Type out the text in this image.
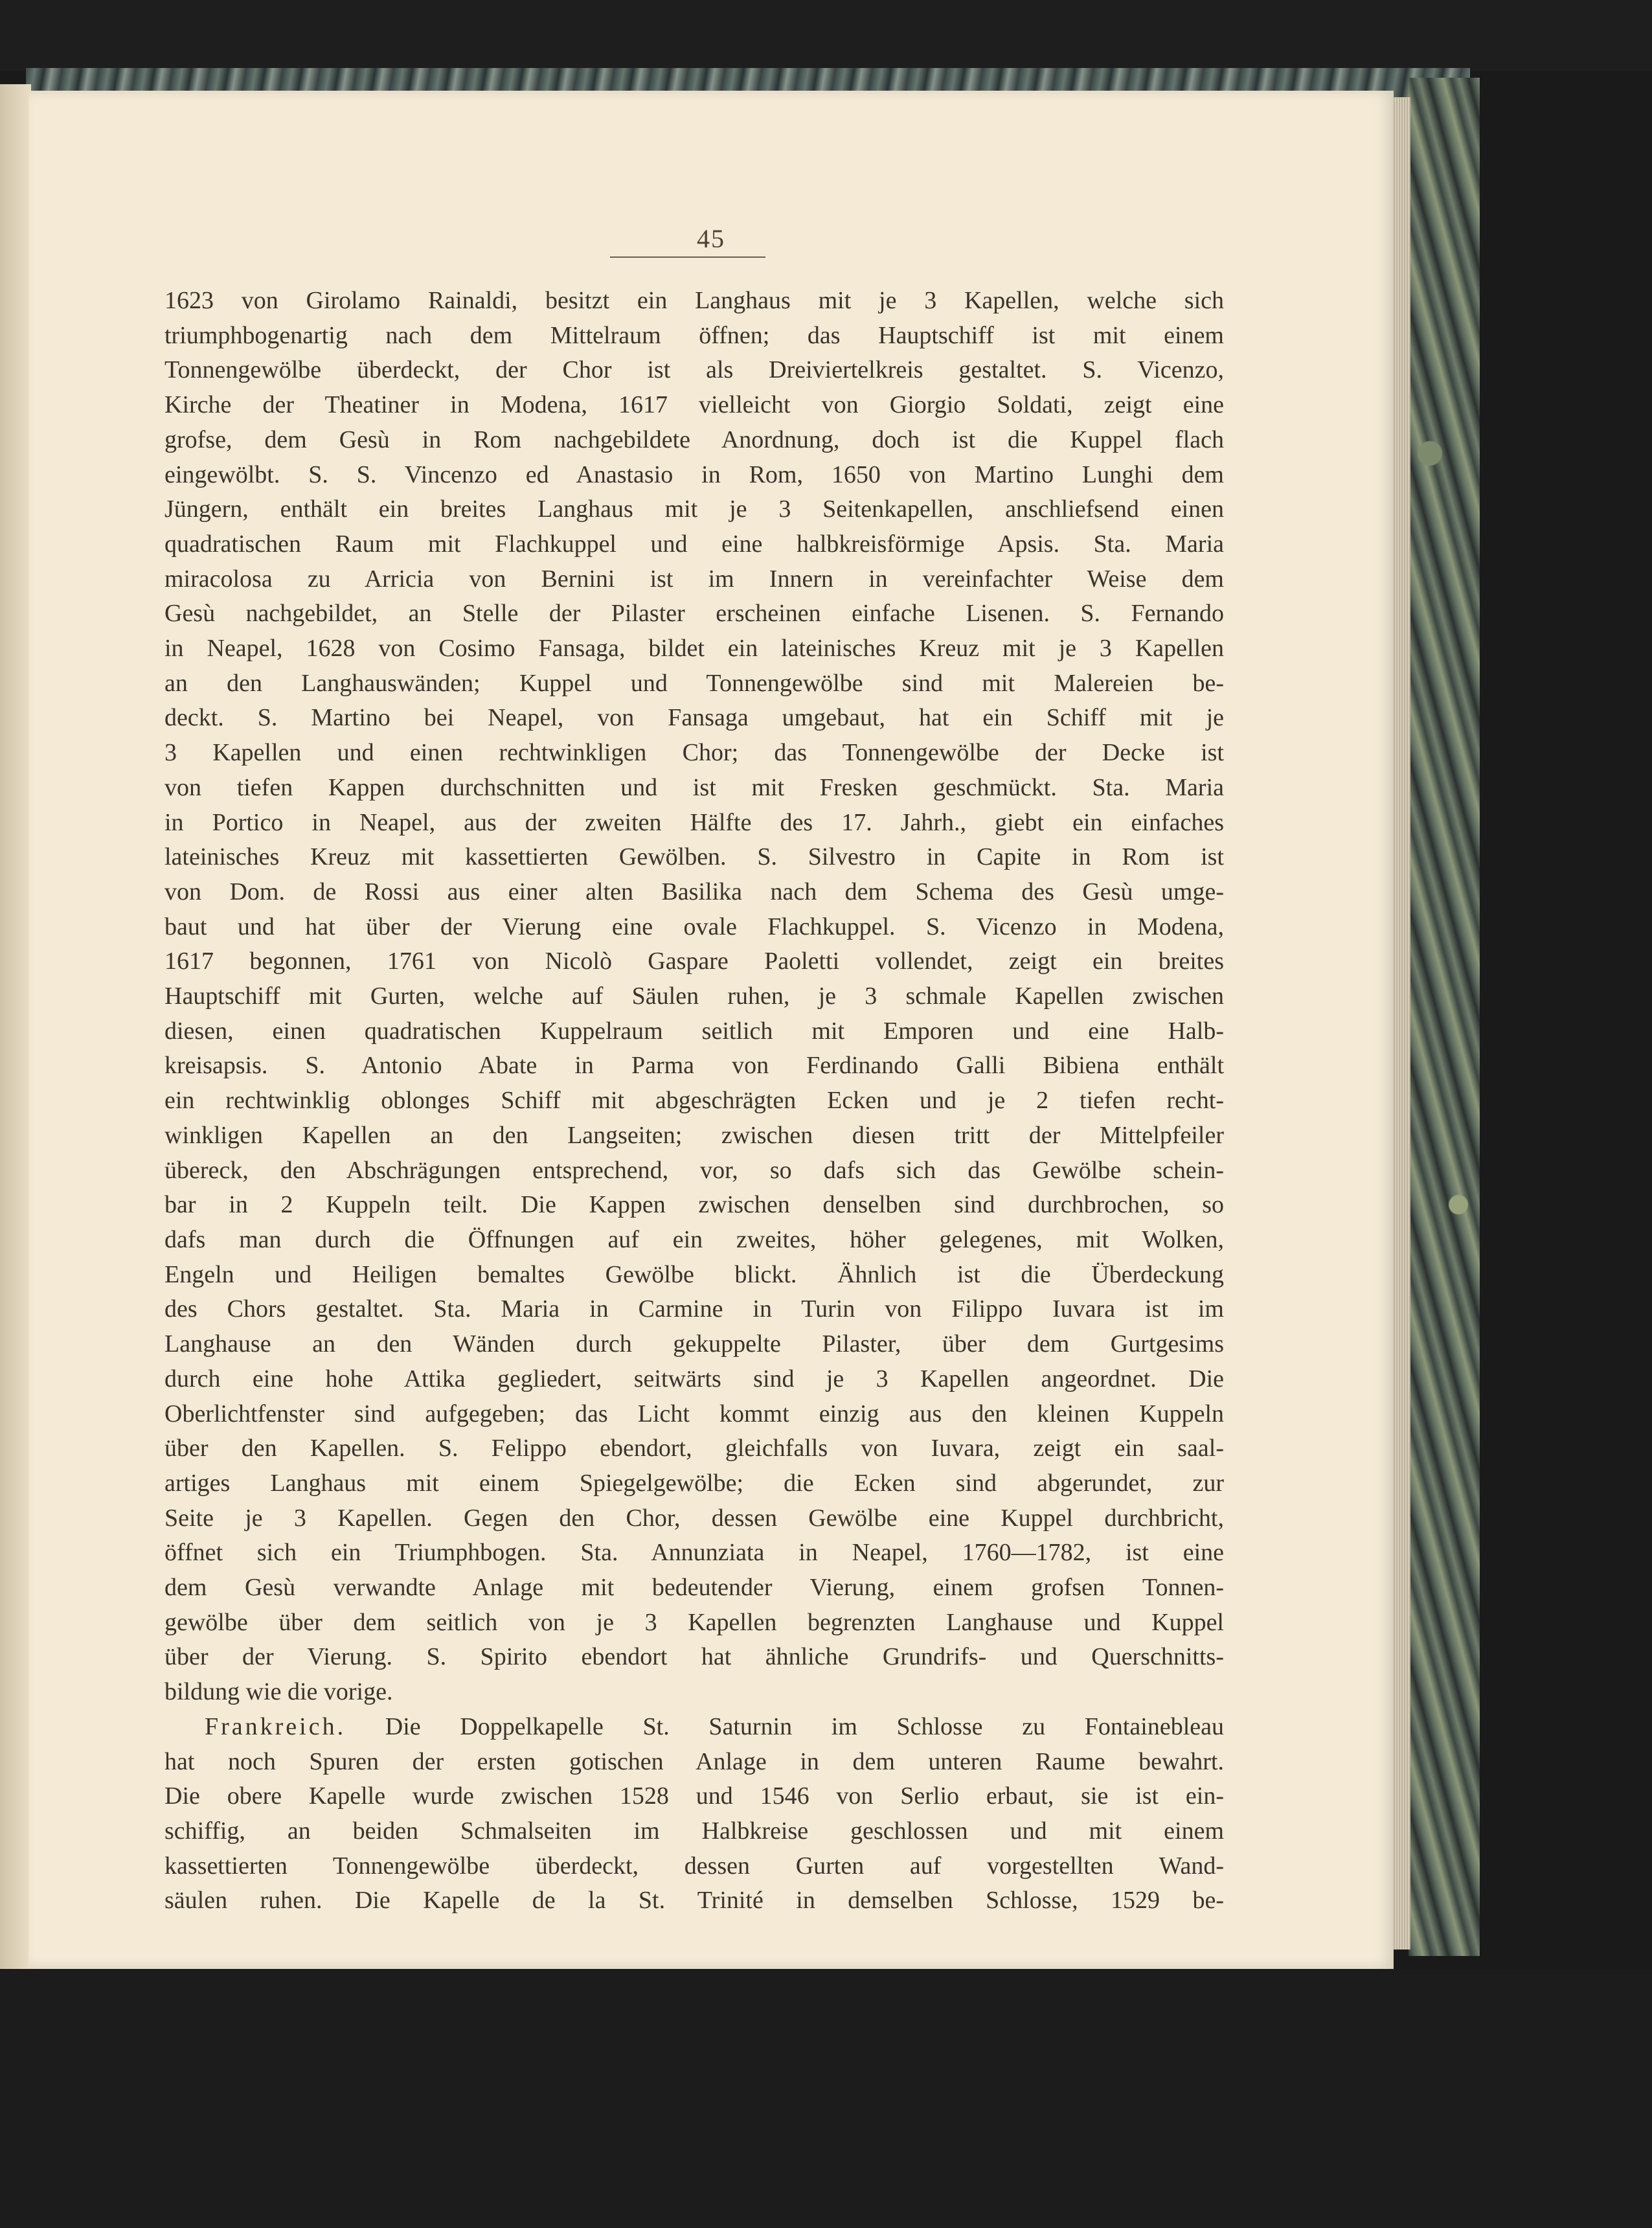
45
1623 von Girolamo Rainaldi, besitzt ein Langhaus mit je 3 Kapellen, welche sich
triumphbogenartig nach dem Mittelraum öffnen; das Hauptschiff ist mit einem
Tonnengewölbe überdeckt, der Chor ist als Dreiviertelkreis gestaltet. S. Vicenzo,
Kirche der Theatiner in Modena, 1617 vielleicht von Giorgio Soldati, zeigt eine
grofse, dem Gesù in Rom nachgebildete Anordnung, doch ist die Kuppel flach
eingewölbt. S. S. Vincenzo ed Anastasio in Rom, 1650 von Martino Lunghi dem
Jüngern, enthält ein breites Langhaus mit je 3 Seitenkapellen, anschliefsend einen
quadratischen Raum mit Flachkuppel und eine halbkreisförmige Apsis. Sta. Maria
miracolosa zu Arricia von Bernini ist im Innern in vereinfachter Weise dem
Gesù nachgebildet, an Stelle der Pilaster erscheinen einfache Lisenen. S. Fernando
in Neapel, 1628 von Cosimo Fansaga, bildet ein lateinisches Kreuz mit je 3 Kapellen
an den Langhauswänden; Kuppel und Tonnengewölbe sind mit Malereien be-
deckt. S. Martino bei Neapel, von Fansaga umgebaut, hat ein Schiff mit je
3 Kapellen und einen rechtwinkligen Chor; das Tonnengewölbe der Decke ist
von tiefen Kappen durchschnitten und ist mit Fresken geschmückt. Sta. Maria
in Portico in Neapel, aus der zweiten Hälfte des 17. Jahrh., giebt ein einfaches
lateinisches Kreuz mit kassettierten Gewölben. S. Silvestro in Capite in Rom ist
von Dom. de Rossi aus einer alten Basilika nach dem Schema des Gesù umge-
baut und hat über der Vierung eine ovale Flachkuppel. S. Vicenzo in Modena,
1617 begonnen, 1761 von Nicolò Gaspare Paoletti vollendet, zeigt ein breites
Hauptschiff mit Gurten, welche auf Säulen ruhen, je 3 schmale Kapellen zwischen
diesen, einen quadratischen Kuppelraum seitlich mit Emporen und eine Halb-
kreisapsis. S. Antonio Abate in Parma von Ferdinando Galli Bibiena enthält
ein rechtwinklig oblonges Schiff mit abgeschrägten Ecken und je 2 tiefen recht-
winkligen Kapellen an den Langseiten; zwischen diesen tritt der Mittelpfeiler
übereck, den Abschrägungen entsprechend, vor, so dafs sich das Gewölbe schein-
bar in 2 Kuppeln teilt. Die Kappen zwischen denselben sind durchbrochen, so
dafs man durch die Öffnungen auf ein zweites, höher gelegenes, mit Wolken,
Engeln und Heiligen bemaltes Gewölbe blickt. Ähnlich ist die Überdeckung
des Chors gestaltet. Sta. Maria in Carmine in Turin von Filippo Iuvara ist im
Langhause an den Wänden durch gekuppelte Pilaster, über dem Gurtgesims
durch eine hohe Attika gegliedert, seitwärts sind je 3 Kapellen angeordnet. Die
Oberlichtfenster sind aufgegeben; das Licht kommt einzig aus den kleinen Kuppeln
über den Kapellen. S. Felippo ebendort, gleichfalls von Iuvara, zeigt ein saal-
artiges Langhaus mit einem Spiegelgewölbe; die Ecken sind abgerundet, zur
Seite je 3 Kapellen. Gegen den Chor, dessen Gewölbe eine Kuppel durchbricht,
öffnet sich ein Triumphbogen. Sta. Annunziata in Neapel, 1760—1782, ist eine
dem Gesù verwandte Anlage mit bedeutender Vierung, einem grofsen Tonnen-
gewölbe über dem seitlich von je 3 Kapellen begrenzten Langhause und Kuppel
über der Vierung. S. Spirito ebendort hat ähnliche Grundrifs- und Querschnitts-
bildung wie die vorige.
Frankreich. Die Doppelkapelle St. Saturnin im Schlosse zu Fontainebleau
hat noch Spuren der ersten gotischen Anlage in dem unteren Raume bewahrt.
Die obere Kapelle wurde zwischen 1528 und 1546 von Serlio erbaut, sie ist ein-
schiffig, an beiden Schmalseiten im Halbkreise geschlossen und mit einem
kassettierten Tonnengewölbe überdeckt, dessen Gurten auf vorgestellten Wand-
säulen ruhen. Die Kapelle de la St. Trinité in demselben Schlosse, 1529 be-
